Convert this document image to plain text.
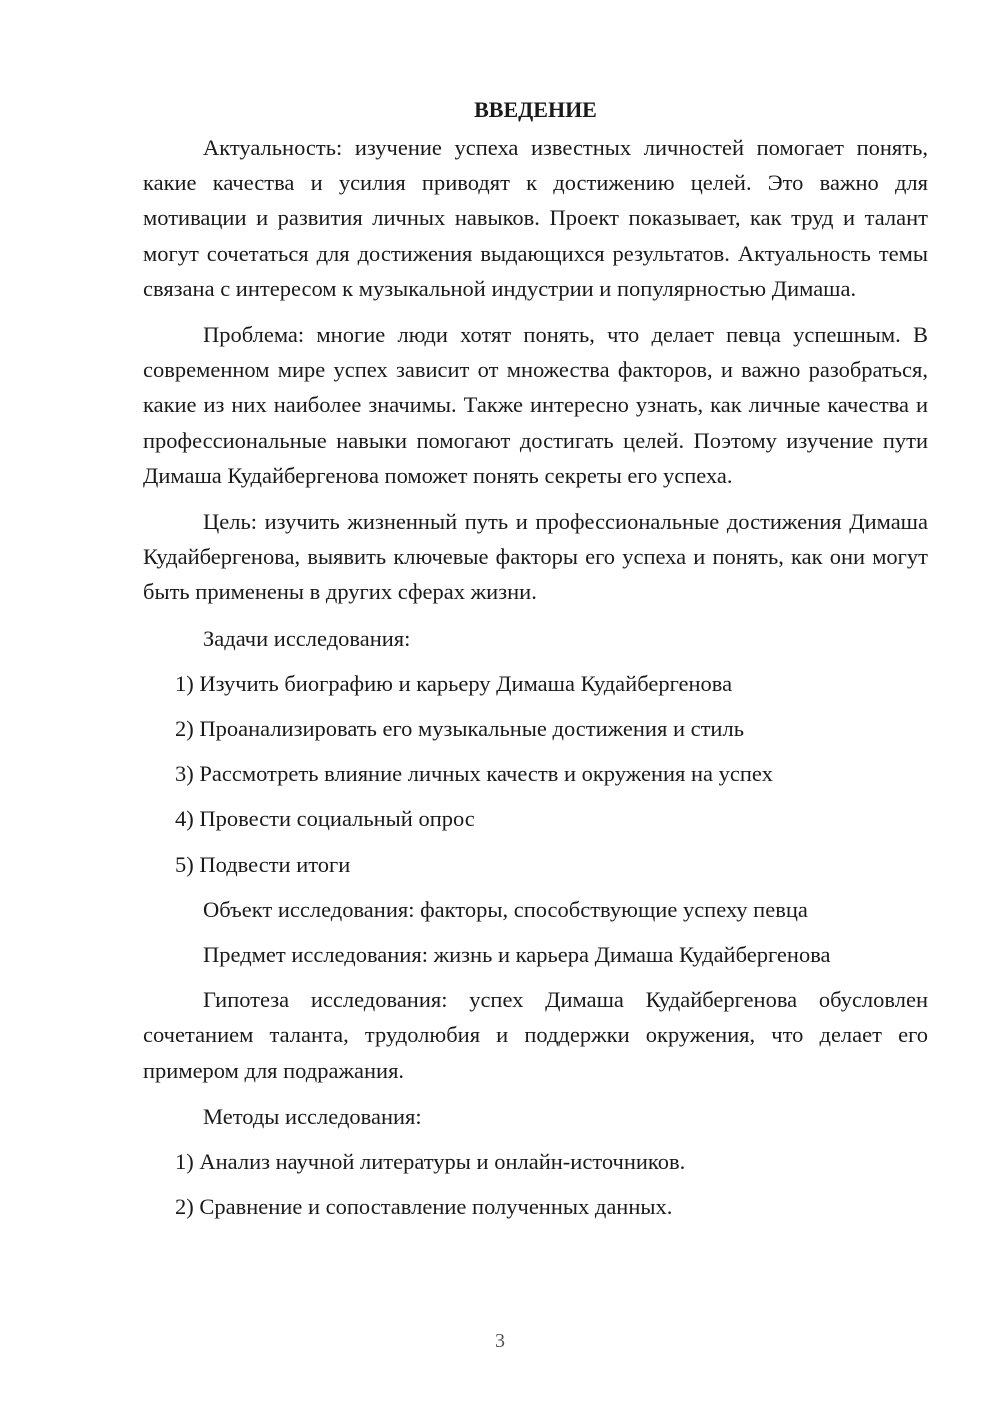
ВВЕДЕНИЕ

Актуальность: изучение успеха известных личностей помогает понять, какие качества и усилия приводят к достижению целей. Это важно для мотивации и развития личных навыков. Проект показывает, как труд и талант могут сочетаться для достижения выдающихся результатов. Актуальность темы связана с интересом к музыкальной индустрии и популярностью Димаша.

Проблема: многие люди хотят понять, что делает певца успешным. В современном мире успех зависит от множества факторов, и важно разобраться, какие из них наиболее значимы. Также интересно узнать, как личные качества и профессиональные навыки помогают достигать целей. Поэтому изучение пути Димаша Кудайбергенова поможет понять секреты его успеха.

Цель: изучить жизненный путь и профессиональные достижения Димаша Кудайбергенова, выявить ключевые факторы его успеха и понять, как они могут быть применены в других сферах жизни.

Задачи исследования:
1) Изучить биографию и карьеру Димаша Кудайбергенова
2) Проанализировать его музыкальные достижения и стиль
3) Рассмотреть влияние личных качеств и окружения на успех
4) Провести социальный опрос
5) Подвести итоги
Объект исследования: факторы, способствующие успеху певца
Предмет исследования: жизнь и карьера Димаша Кудайбергенова

Гипотеза исследования: успех Димаша Кудайбергенова обусловлен сочетанием таланта, трудолюбия и поддержки окружения, что делает его примером для подражания.

Методы исследования:
1) Анализ научной литературы и онлайн-источников.
2) Сравнение и сопоставление полученных данных.
3
